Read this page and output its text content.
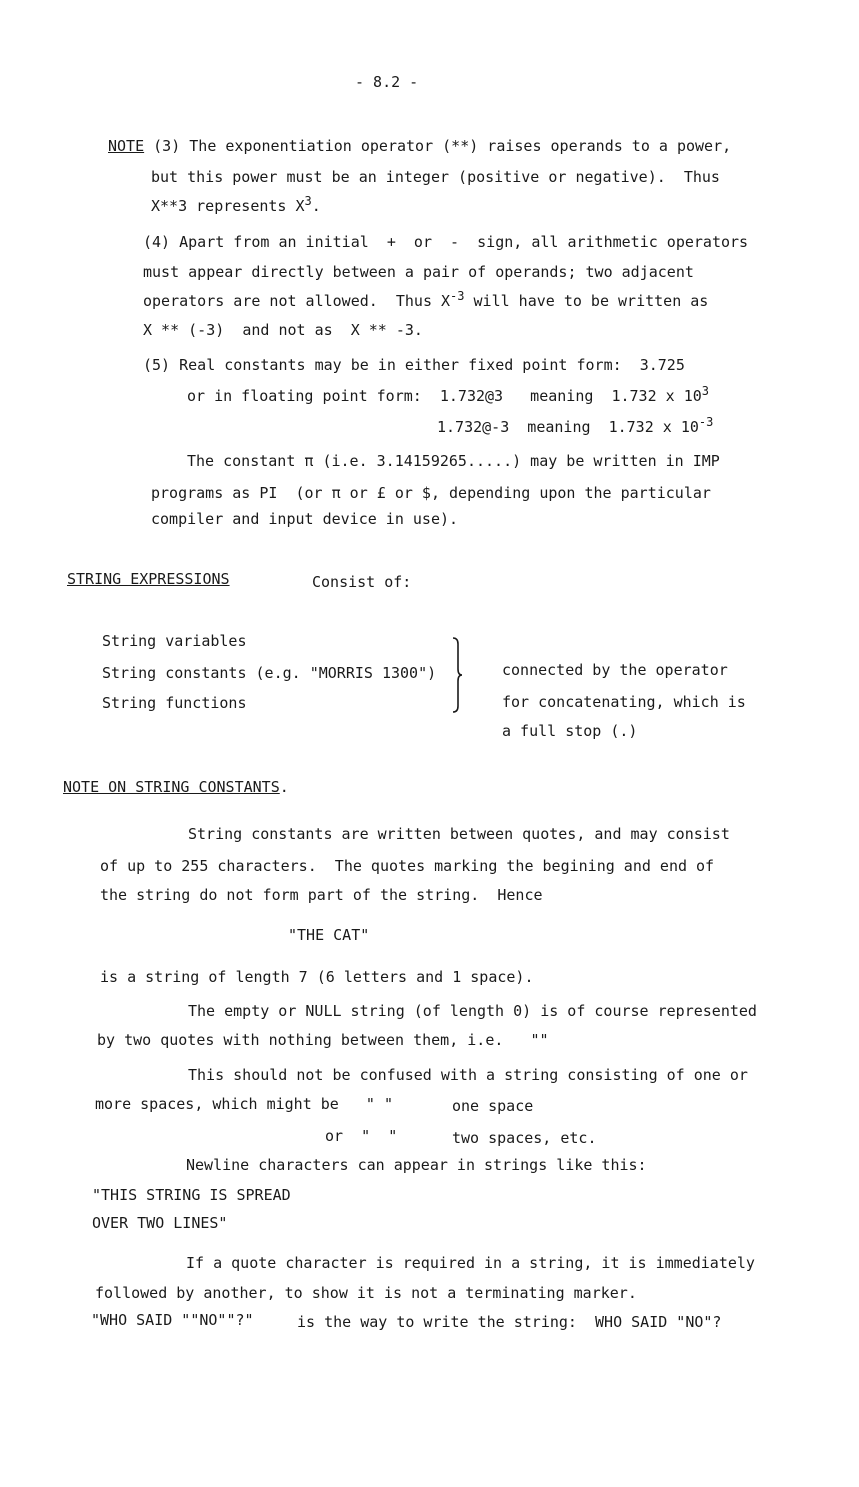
- 8.2 -
NOTE (3) The exponentiation operator (**) raises operands to a power,
but this power must be an integer (positive or negative).  Thus
X**3 represents $X^3$.
(4) Apart from an initial  +  or  -  sign, all arithmetic operators
must appear directly between a pair of operands; two adjacent
operators are not allowed.  Thus $X^{-3}$ will have to be written as
X ** (-3)  and not as  X ** -3.
(5) Real constants may be in either fixed point form:  3.725
or in floating point form:  1.732@3   meaning  1.732 x $10^3$
1.732@-3  meaning  1.732 x $10^{-3}$
The constant π (i.e. 3.14159265.....) may be written in IMP
programs as PI  (or π or £ or $, depending upon the particular
compiler and input device in use).
STRING EXPRESSIONS	Consist of:
String variables
String constants (e.g. "MORRIS 1300")
String functions
connected by the operator
for concatenating, which is
a full stop (.)
NOTE ON STRING CONSTANTS.
String constants are written between quotes, and may consist
of up to 255 characters.  The quotes marking the begining and end of
the string do not form part of the string.  Hence
"THE CAT"
is a string of length 7 (6 letters and 1 space).
The empty or NULL string (of length 0) is of course represented
by two quotes with nothing between them, i.e.   ""
This should not be confused with a string consisting of one or
more spaces, which might be   " "	one space
or  "  "	two spaces, etc.
Newline characters can appear in strings like this:
"THIS STRING IS SPREAD
OVER TWO LINES"
If a quote character is required in a string, it is immediately
followed by another, to show it is not a terminating marker.
"WHO SAID ""NO""?"	is the way to write the string:  WHO SAID "NO"?
